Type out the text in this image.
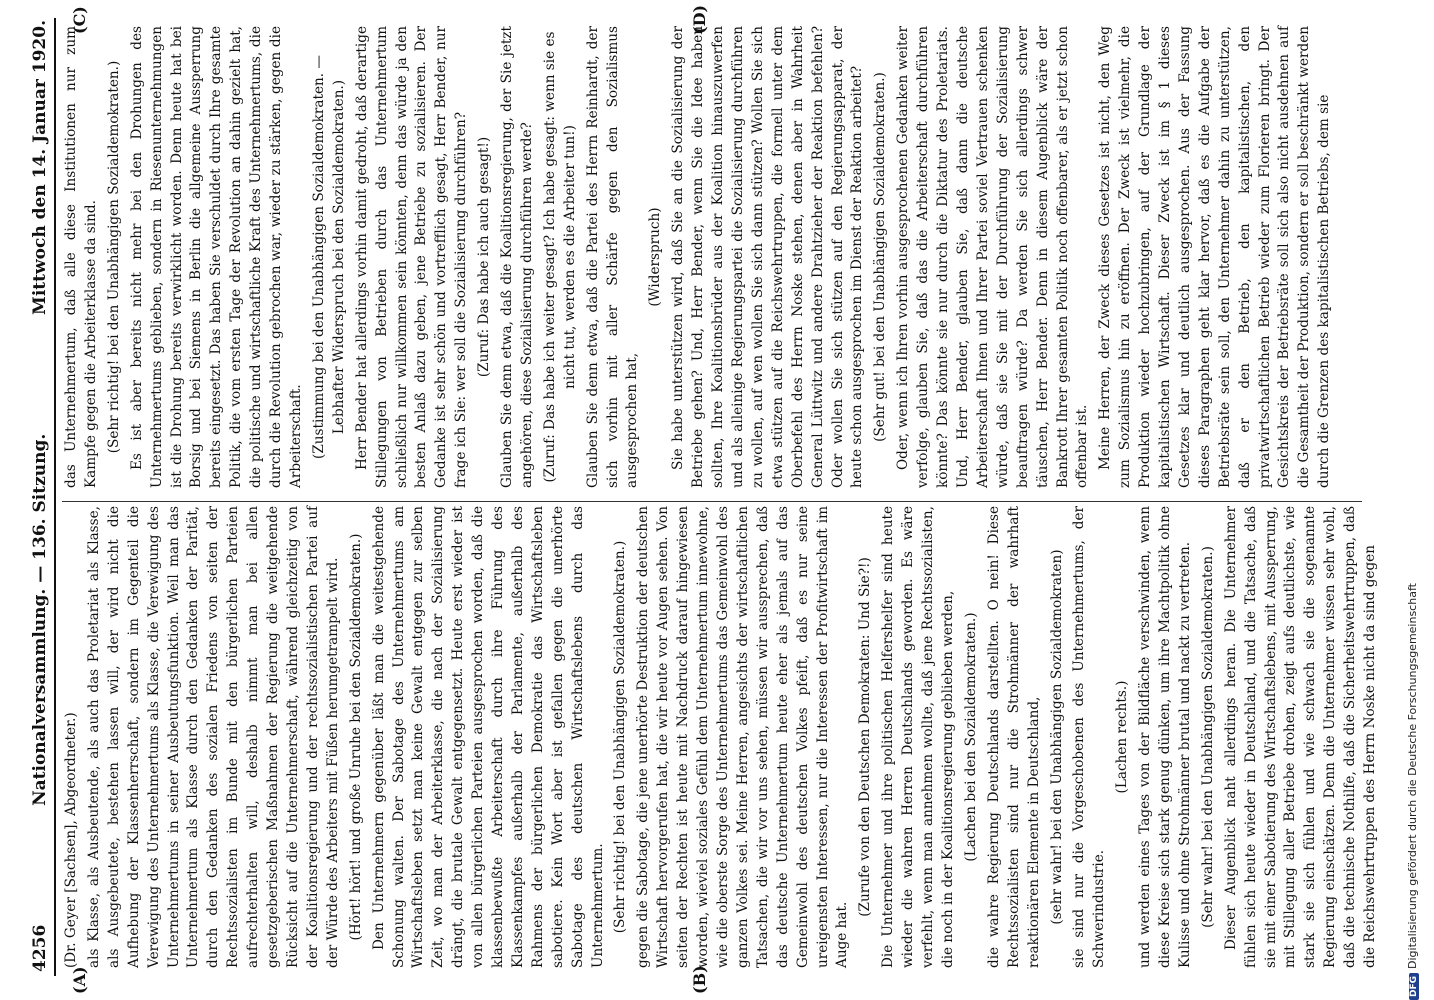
4256
Nationalversammlung. — 136. Sitzung.
Mittwoch den 14. Januar 1920.
(A)	(B)
(C)	(D)

(Dr. Geyer [Sachsen], Abgeordneter.) als Klasse, als Ausbeutende, als auch das Proletariat als Klasse, als Ausgebeutete, bestehen lassen will, der wird nicht die Aufhebung der Klassenherrschaft, sondern im Gegenteil die Verewigung des Unternehmertums als Klasse, die Verewigung des Unternehmertums in seiner Ausbeutungsfunktion. Weil man das Unternehmertum als Klasse durch den Gedanken der Parität, durch den Gedanken des sozialen Friedens von seiten der Rechtssozialisten im Bunde mit den bürgerlichen Parteien aufrechterhalten will, deshalb nimmt man bei allen gesetzgeberischen Maßnahmen der Regierung die weitgehende Rücksicht auf die Unternehmerschaft, während gleichzeitig von der Koalitionsregierung und der rechtssozialistischen Partei auf der Würde des Arbeiters mit Füßen herumgetrampelt wird. (Hört! hört! und große Unruhe bei den Sozialdemokraten.) Den Unternehmern gegenüber läßt man die weitestgehende Schonung walten. Der Sabotage des Unternehmertums am Wirtschaftsleben setzt man keine Gewalt entgegen zur selben Zeit, wo man der Arbeiterklasse, die nach der Sozialisierung drängt, die brutale Gewalt entgegensetzt. Heute erst wieder ist von allen bürgerlichen Parteien ausgesprochen worden, daß die klassenbewußte Arbeiterschaft durch ihre Führung des Klassenkampfes außerhalb der Parlamente, außerhalb des Rahmens der bürgerlichen Demokratie das Wirtschaftsleben sabotiere. Kein Wort aber ist gefallen gegen die unerhörte Sabotage des deutschen Wirtschaftslebens durch das Unternehmertum. (Sehr richtig! bei den Unabhängigen Sozialdemokraten.) gegen die Sabotage, die jene unerhörte Destruktion der deutschen Wirtschaft hervorgerufen hat, die wir heute vor Augen sehen. Von seiten der Rechten ist heute mit Nachdruck darauf hingewiesen worden, wieviel soziales Gefühl dem Unternehmertum innewohne, wie die oberste Sorge des Unternehmertums das Gemeinwohl des ganzen Volkes sei. Meine Herren, angesichts der wirtschaftlichen Tatsachen, die wir vor uns sehen, müssen wir aussprechen, daß das deutsche Unternehmertum heute eher als jemals auf das Gemeinwohl des deutschen Volkes pfeift, daß es nur seine ureigensten Interessen, nur die Interessen der Profitwirtschaft im Auge hat.

(Zurufe von den Deutschen Demokraten: Und Sie?!) Die Unternehmer und ihre politischen Helfershelfer sind heute wieder die wahren Herren Deutschlands geworden. Es wäre verfehlt, wenn man annehmen wollte, daß jene Rechtssozialisten, die noch in der Koalitionsregierung geblieben werden, (Lachen bei den Sozialdemokraten.) die wahre Regierung Deutschlands darstellten. O nein! Diese Rechtssozialisten sind nur die Strohmänner der wahrhaft reaktionären Elemente in Deutschland, (sehr wahr! bei den Unabhängigen Sozialdemokraten) sie sind nur die Vorgeschobenen des Unternehmertums, der Schwerindustrie.

(Lachen rechts.) und werden eines Tages von der Bildfläche verschwinden, wenn diese Kreise sich stark genug dünken, um ihre Machtpolitik ohne Kulisse und ohne Strohmänner brutal und nackt zu vertreten. (Sehr wahr! bei den Unabhängigen Sozialdemokraten.) Dieser Augenblick naht allerdings heran. Die Unternehmer fühlen sich heute wieder in Deutschland, und die Tatsache, daß sie mit einer Sabotierung des Wirtschaftslebens, mit Aussperrung, mit Stillegung aller Betriebe drohen, zeigt aufs deutlichste, wie stark sie sich fühlen und wie schwach sie die sogenannte Regierung einschätzen. Denn die Unternehmer wissen sehr wohl, daß die technische Nothilfe, daß die Sicherheitswehrtruppen, daß die Reichswehrtruppen des Herrn Noske nicht da sind gegen

das Unternehmertum, daß alle diese Institutionen nur zum Kampfe gegen die Arbeiterklasse da sind. (Sehr richtig! bei den Unabhängigen Sozialdemokraten.) Es ist aber bereits nicht mehr bei den Drohungen des Unternehmertums geblieben, sondern in Riesenunternehmungen ist die Drohung bereits verwirklicht worden. Denn heute hat bei Borsig und bei Siemens in Berlin die allgemeine Aussperrung bereits eingesetzt. Das haben Sie verschuldet durch Ihre gesamte Politik, die vom ersten Tage der Revolution an dahin gezielt hat, die politische und wirtschaftliche Kraft des Unternehmertums, die durch die Revolution gebrochen war, wieder zu stärken, gegen die Arbeiterschaft. (Zustimmung bei den Unabhängigen Sozialdemokraten. — Lebhafter Widerspruch bei den Sozialdemokraten.) Herr Bender hat allerdings vorhin damit gedroht, daß derartige Stillegungen von Betrieben durch das Unternehmertum schließlich nur willkommen sein könnten, denn das würde ja den besten Anlaß dazu geben, jene Betriebe zu sozialisieren. Der Gedanke ist sehr schön und vortrefflich gesagt, Herr Bender, nur frage ich Sie: wer soll die Sozialisierung durchführen? (Zuruf: Das habe ich auch gesagt!) Glauben Sie denn etwa, daß die Koalitionsregierung, der Sie jetzt angehören, diese Sozialisierung durchführen werde? (Zuruf: Das habe ich weiter gesagt? Ich habe gesagt: wenn sie es nicht tut, werden es die Arbeiter tun!) Glauben Sie denn etwa, daß die Partei des Herrn Reinhardt, der sich vorhin mit aller Schärfe gegen den Sozialismus ausgesprochen hat,

(Widerspruch) Sie habe unterstützen wird, daß Sie an die Sozialisierung der Betriebe gehen? Und, Herr Bender, wenn Sie die Idee haben sollten, Ihre Koalitionsbrüder aus der Koalition hinauszuwerfen und als alleinige Regierungspartei die Sozialisierung durchführen zu wollen, auf wen wollen Sie sich dann stützen? Wollen Sie sich etwa stützen auf die Reichswehrtruppen, die formell unter dem Oberbefehl des Herrn Noske stehen, denen aber in Wahrheit General Lüttwitz und andere Drahtzieher der Reaktion befehlen? Oder wollen Sie sich stützen auf den Regierungsapparat, der heute schon ausgesprochen im Dienst der Reaktion arbeitet? (Sehr gut! bei den Unabhängigen Sozialdemokraten.) Oder, wenn ich Ihren vorhin ausgesprochenen Gedanken weiter verfolge, glauben Sie, daß das die Arbeiterschaft durchführen könnte? Das könnte sie nur durch die Diktatur des Proletariats. Und, Herr Bender, glauben Sie, daß dann die deutsche Arbeiterschaft Ihnen und Ihrer Partei soviel Vertrauen schenken würde, daß sie Sie mit der Durchführung der Sozialisierung beauftragen würde? Da werden Sie sich allerdings schwer täuschen, Herr Bender. Denn in diesem Augenblick wäre der Bankrott Ihrer gesamten Politik noch offenbarer, als er jetzt schon offenbar ist. Meine Herren, der Zweck dieses Gesetzes ist nicht, den Weg zum Sozialismus hin zu eröffnen. Der Zweck ist vielmehr, die Produktion wieder hochzubringen, auf der Grundlage der kapitalistischen Wirtschaft. Dieser Zweck ist im § 1 dieses Gesetzes klar und deutlich ausgesprochen. Aus der Fassung dieses Paragraphen geht klar hervor, daß es die Aufgabe der Betriebsräte sein soll, den Unternehmer dahin zu unterstützen, daß er den Betrieb, den kapitalistischen, den privatwirtschaftlichen Betrieb wieder zum Florieren bringt. Der Gesichtskreis der Betriebsräte soll sich also nicht ausdehnen auf die Gesamtheit der Produktion, sondern er soll beschränkt werden durch die Grenzen des kapitalistischen Betriebs, dem sie

DFGDigitalisierung gefördert durch die Deutsche Forschungsgemeinschaft
